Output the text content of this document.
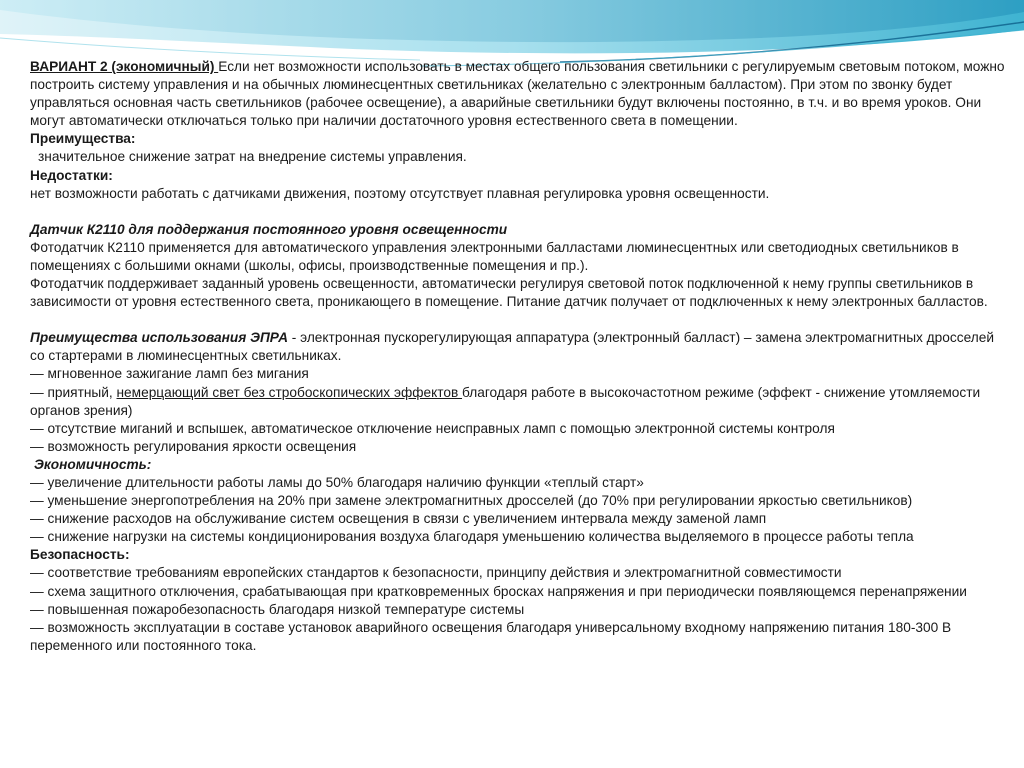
ВАРИАНТ 2 (экономичный) Если нет возможности использовать в местах общего пользования светильники с регулируемым световым потоком, можно построить систему управления и на обычных люминесцентных светильниках (желательно с электронным балластом). При этом по звонку будет управляться основная часть светильников (рабочее освещение), а аварийные светильники будут включены постоянно, в т.ч. и во время уроков. Они могут автоматически отключаться только при наличии достаточного уровня естественного света в помещении.

Преимущества:

значительное снижение затрат на внедрение системы управления.

Недостатки:

нет возможности работать с датчиками движения, поэтому отсутствует плавная регулировка уровня освещенности.

Датчик К2110 для поддержания постоянного уровня освещенности

Фотодатчик К2110 применяется для автоматического управления электронными балластами люминесцентных или светодиодных светильников в помещениях с большими окнами (школы, офисы, производственные помещения и пр.).

Фотодатчик поддерживает заданный уровень освещенности, автоматически регулируя световой поток подключенной к нему группы светильников в зависимости от уровня естественного света, проникающего в помещение. Питание датчик получает от подключенных к нему электронных балластов.

Преимущества использования ЭПРА - электронная пускорегулирующая аппаратура (электронный балласт) – замена электромагнитных дросселей со стартерами в люминесцентных светильниках.

— мгновенное зажигание ламп без мигания

— приятный, немерцающий свет без стробоскопических эффектов благодаря работе в высокочастотном режиме (эффект - снижение утомляемости органов зрения)

— отсутствие миганий и вспышек, автоматическое отключение неисправных ламп с помощью электронной системы контроля

— возможность регулирования яркости освещения

Экономичность:

— увеличение длительности работы ламы до 50% благодаря наличию функции «теплый старт»

— уменьшение энергопотребления на 20% при замене электромагнитных дросселей (до 70% при регулировании яркостью светильников)

— снижение расходов на обслуживание систем освещения в связи с увеличением интервала между заменой ламп

— снижение нагрузки на системы кондиционирования воздуха благодаря уменьшению количества выделяемого в процессе работы тепла

Безопасность:

— соответствие требованиям европейских стандартов к безопасности, принципу действия и электромагнитной совместимости

— схема защитного отключения, срабатывающая при кратковременных бросках напряжения и при периодически появляющемся перенапряжении

— повышенная пожаробезопасность благодаря низкой температуре системы

— возможность эксплуатации в составе установок аварийного освещения благодаря универсальному входному напряжению питания 180-300 В переменного или постоянного тока.
